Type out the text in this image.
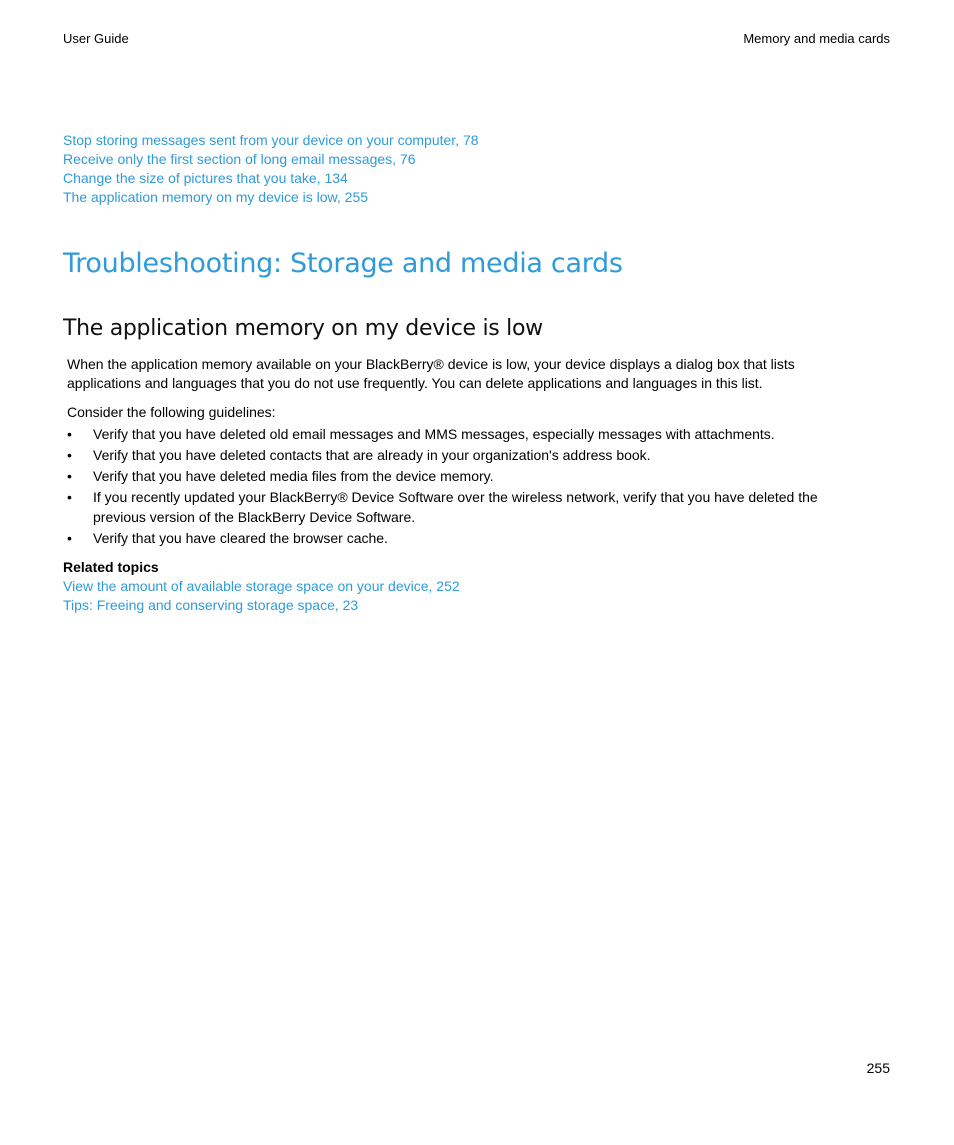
User Guide	Memory and media cards
Stop storing messages sent from your device on your computer, 78
Receive only the first section of long email messages, 76
Change the size of pictures that you take, 134
The application memory on my device is low, 255
Troubleshooting: Storage and media cards
The application memory on my device is low

When the application memory available on your BlackBerry® device is low, your device displays a dialog box that lists applications and languages that you do not use frequently. You can delete applications and languages in this list.

Consider the following guidelines:

• Verify that you have deleted old email messages and MMS messages, especially messages with attachments.
• Verify that you have deleted contacts that are already in your organization's address book.
• Verify that you have deleted media files from the device memory.
• If you recently updated your BlackBerry® Device Software over the wireless network, verify that you have deleted the previous version of the BlackBerry Device Software.
• Verify that you have cleared the browser cache.

Related topics

View the amount of available storage space on your device, 252
Tips: Freeing and conserving storage space, 23
255
